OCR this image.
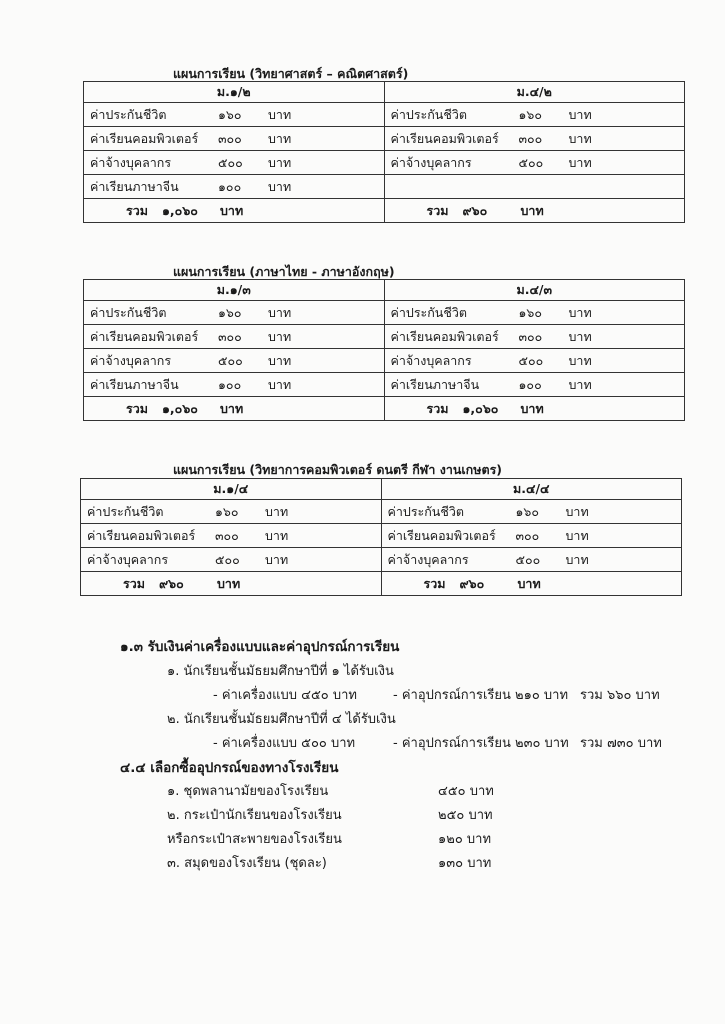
แผนการเรียน (วิทยาศาสตร์ – คณิตศาสตร์)
ม.๑/๒	ม.๔/๒
ค่าประกันชีวิต ๑๖๐ บาท	ค่าประกันชีวิต ๑๖๐ บาท
ค่าเรียนคอมพิวเตอร์ ๓๐๐ บาท	ค่าเรียนคอมพิวเตอร์ ๓๐๐ บาท
ค่าจ้างบุคลากร ๕๐๐ บาท	ค่าจ้างบุคลากร ๕๐๐ บาท
ค่าเรียนภาษาจีน ๑๐๐ บาท	
รวม ๑,๐๖๐ บาท	รวม ๙๖๐ บาท
แผนการเรียน (ภาษาไทย - ภาษาอังกฤษ)
ม.๑/๓	ม.๔/๓
ค่าประกันชีวิต ๑๖๐ บาท	ค่าประกันชีวิต ๑๖๐ บาท
ค่าเรียนคอมพิวเตอร์ ๓๐๐ บาท	ค่าเรียนคอมพิวเตอร์ ๓๐๐ บาท
ค่าจ้างบุคลากร ๕๐๐ บาท	ค่าจ้างบุคลากร ๕๐๐ บาท
ค่าเรียนภาษาจีน ๑๐๐ บาท	ค่าเรียนภาษาจีน ๑๐๐ บาท
รวม ๑,๐๖๐ บาท	รวม ๑,๐๖๐ บาท
แผนการเรียน (วิทยาการคอมพิวเตอร์ ดนตรี กีฬา งานเกษตร)
ม.๑/๔	ม.๔/๔
ค่าประกันชีวิต ๑๖๐ บาท	ค่าประกันชีวิต ๑๖๐ บาท
ค่าเรียนคอมพิวเตอร์ ๓๐๐ บาท	ค่าเรียนคอมพิวเตอร์ ๓๐๐ บาท
ค่าจ้างบุคลากร ๕๐๐ บาท	ค่าจ้างบุคลากร ๕๐๐ บาท
รวม ๙๖๐ บาท	รวม ๙๖๐ บาท
๑.๓ รับเงินค่าเครื่องแบบและค่าอุปกรณ์การเรียน
๑. นักเรียนชั้นมัธยมศึกษาปีที่ ๑ ได้รับเงิน
- ค่าเครื่องแบบ ๔๕๐ บาท	- ค่าอุปกรณ์การเรียน ๒๑๐ บาท รวม ๖๖๐ บาท
๒. นักเรียนชั้นมัธยมศึกษาปีที่ ๔ ได้รับเงิน
- ค่าเครื่องแบบ ๕๐๐ บาท	- ค่าอุปกรณ์การเรียน ๒๓๐ บาท รวม ๗๓๐ บาท
๔.๔ เลือกซื้ออุปกรณ์ของทางโรงเรียน
๑. ชุดพลานามัยของโรงเรียน	๔๕๐ บาท
๒. กระเป๋านักเรียนของโรงเรียน	๒๕๐ บาท
หรือกระเป๋าสะพายของโรงเรียน	๑๒๐ บาท
๓. สมุดของโรงเรียน (ชุดละ)	๑๓๐ บาท
